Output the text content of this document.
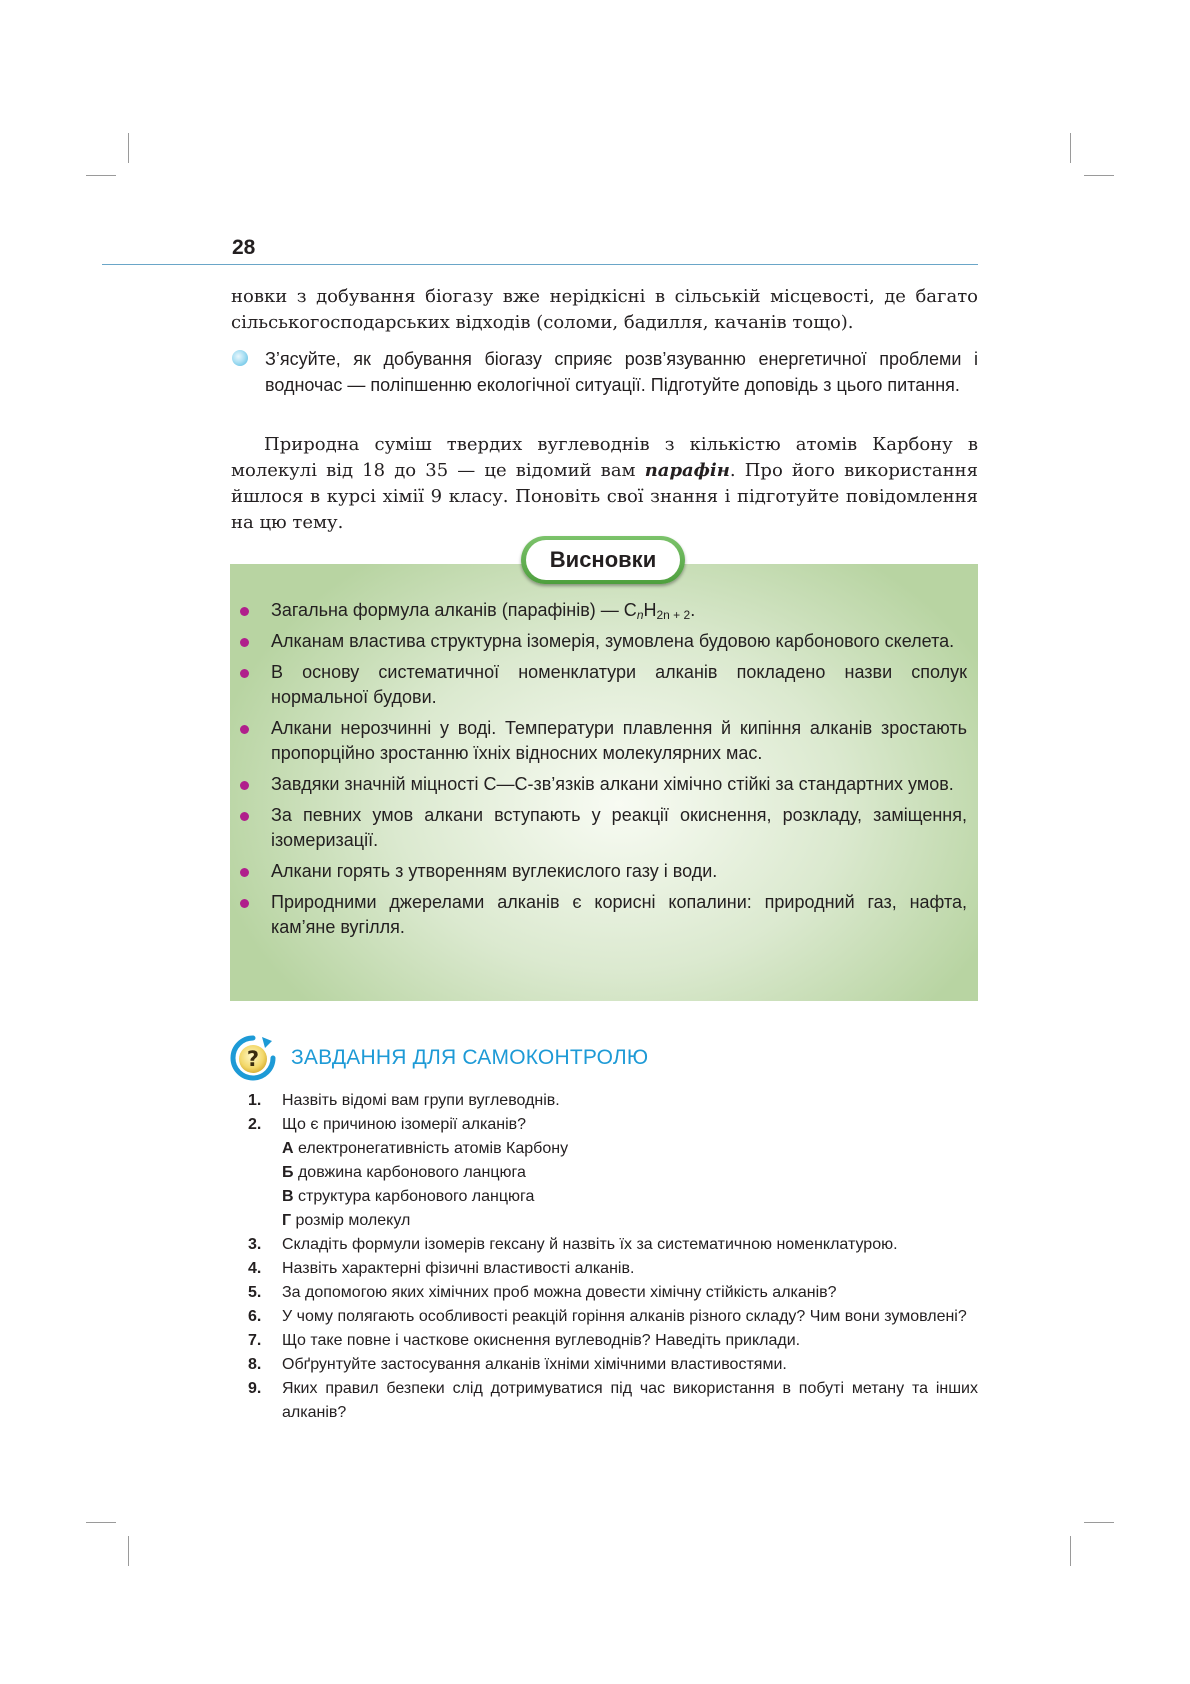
28

новки з добування біогазу вже нерідкісні в сільській місцевості, де багато сільськогосподарських відходів (соломи, бадилля, качанів тощо).

З’ясуйте, як добування біогазу сприяє розв’язуванню енергетичної проблеми і водночас — поліпшенню екологічної ситуації. Підготуйте доповідь з цього питання.

Природна суміш твердих вуглеводнів з кількістю атомів Карбону в молекулі від 18 до 35 — це відомий вам парафін. Про його використання йшлося в курсі хімії 9 класу. Поновіть свої знання і підготуйте повідомлення на цю тему.

Висновки
Загальна формула алканів (парафінів) — $C_nH_{2n + 2}$.
Алканам властива структурна ізомерія, зумовлена будовою карбонового скелета.
В основу систематичної номенклатури алканів покладено назви сполук нормальної будови.
Алкани нерозчинні у воді. Температури плавлення й кипіння алканів зростають пропорційно зростанню їхніх відносних молекулярних мас.
Завдяки значній міцності С—С-зв’язків алкани хімічно стійкі за стандартних умов.
За певних умов алкани вступають у реакції окиснення, розкладу, заміщення, ізомеризації.
Алкани горять з утворенням вуглекислого газу і води.
Природними джерелами алканів є корисні копалини: природний газ, нафта, кам’яне вугілля.
? ЗАВДАННЯ ДЛЯ САМОКОНТРОЛЮ
1. Назвіть відомі вам групи вуглеводнів.
2. Що є причиною ізомерії алканів?
А електронегативність атомів Карбону
Б довжина карбонового ланцюга
В структура карбонового ланцюга
Г розмір молекул
3. Складіть формули ізомерів гексану й назвіть їх за систематичною номенклатурою.
4. Назвіть характерні фізичні властивості алканів.
5. За допомогою яких хімічних проб можна довести хімічну стійкість алканів?
6. У чому полягають особливості реакцій горіння алканів різного складу? Чим вони зумовлені?
7. Що таке повне і часткове окиснення вуглеводнів? Наведіть приклади.
8. Обґрунтуйте застосування алканів їхніми хімічними властивостями.
9. Яких правил безпеки слід дотримуватися під час використання в побуті метану та інших алканів?
